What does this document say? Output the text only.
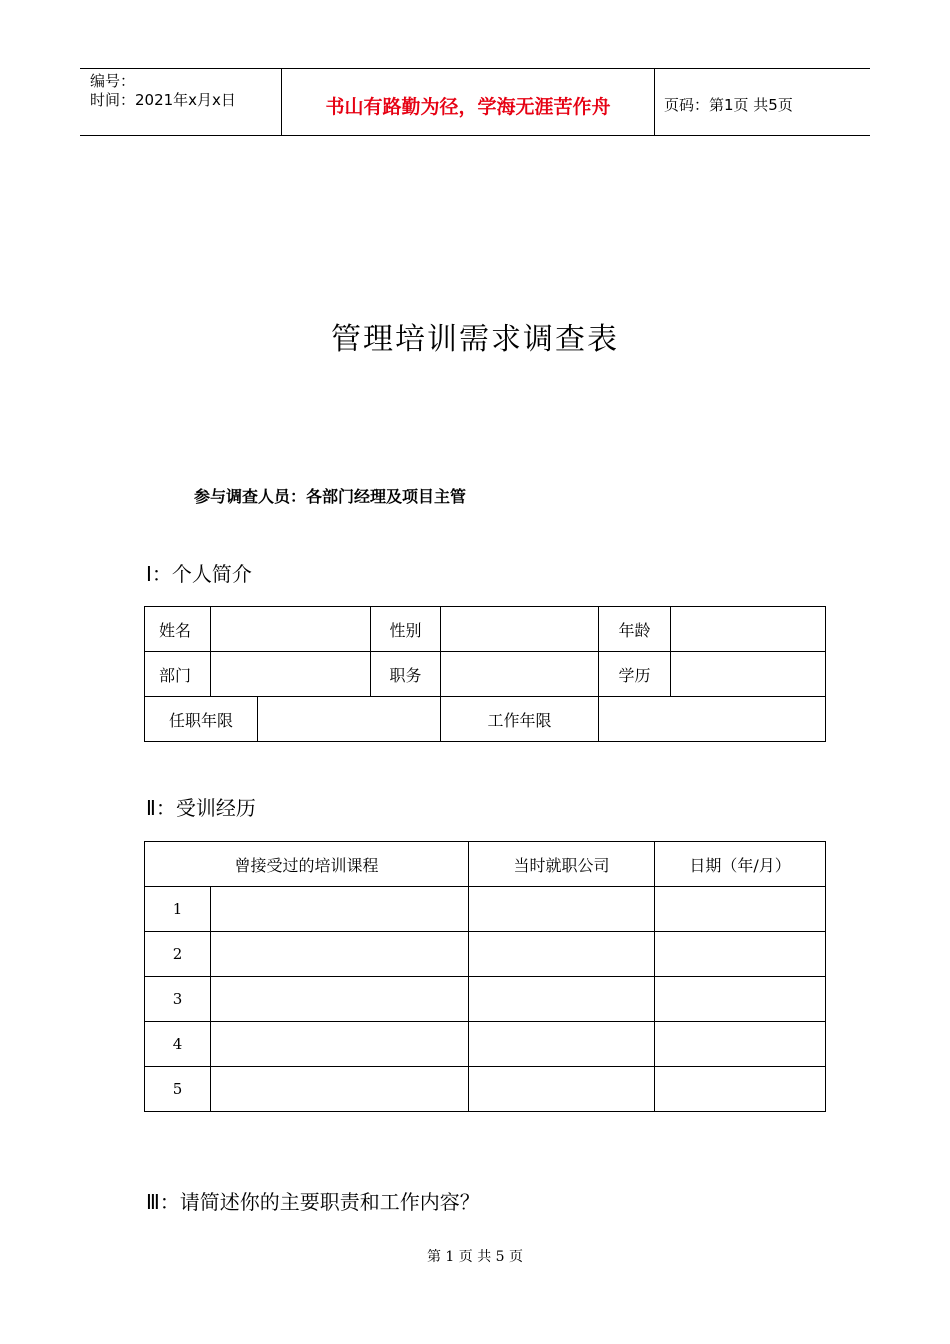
编号：
时间：2021年x月x日	书山有路勤为径，学海无涯苦作舟	页码：第1页 共5页
管理培训需求调查表
参与调查人员：各部门经理及项目主管
Ⅰ：个人简介
姓名			性别		年龄	
部门			职务		学历	
任职年限				工作年限		
Ⅱ：受训经历
曾接受过的培训课程		当时就职公司	日期（年/月）
1			
2			
3			
4			
5			
Ⅲ：请简述你的主要职责和工作内容？
第 1 页 共 5 页
